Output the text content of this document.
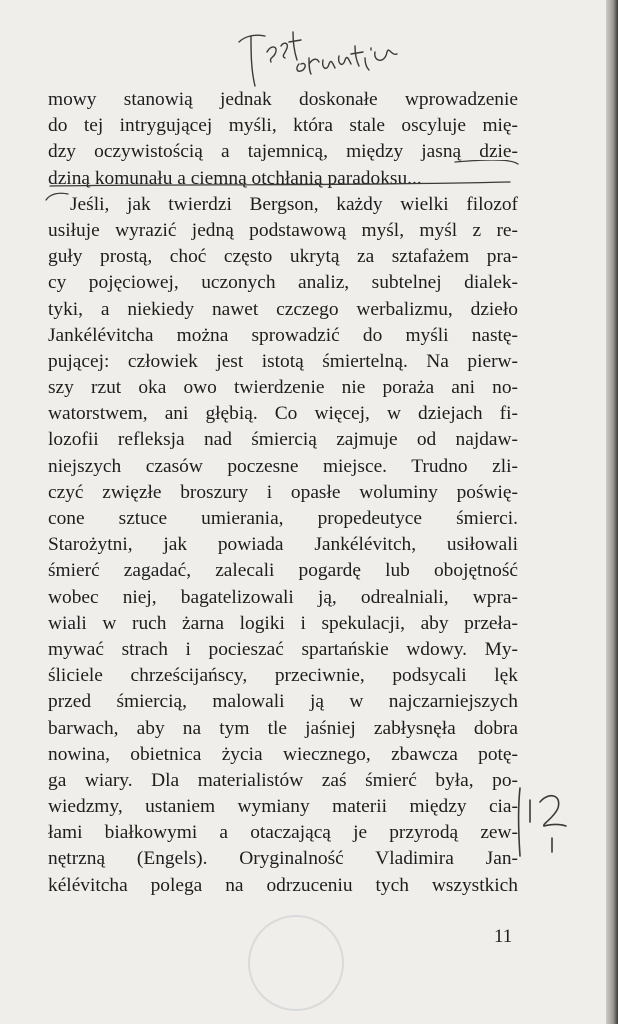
mowy stanowią jednak doskonałe wprowadzenie
do tej intrygującej myśli, która stale oscyluje mię-
dzy oczywistością a tajemnicą, między jasną dzie-
dziną komunału a ciemną otchłanią paradoksu...
Jeśli, jak twierdzi Bergson, każdy wielki filozof
usiłuje wyrazić jedną podstawową myśl, myśl z re-
guły prostą, choć często ukrytą za sztafażem pra-
cy pojęciowej, uczonych analiz, subtelnej dialek-
tyki, a niekiedy nawet czczego werbalizmu, dzieło
Jankélévitcha można sprowadzić do myśli nastę-
pującej: człowiek jest istotą śmiertelną. Na pierw-
szy rzut oka owo twierdzenie nie poraża ani no-
watorstwem, ani głębią. Co więcej, w dziejach fi-
lozofii refleksja nad śmiercią zajmuje od najdaw-
niejszych czasów poczesne miejsce. Trudno zli-
czyć zwięzłe broszury i opasłe woluminy poświę-
cone sztuce umierania, propedeutyce śmierci.
Starożytni, jak powiada Jankélévitch, usiłowali
śmierć zagadać, zalecali pogardę lub obojętność
wobec niej, bagatelizowali ją, odrealniali, wpra-
wiali w ruch żarna logiki i spekulacji, aby przeła-
mywać strach i pocieszać spartańskie wdowy. My-
śliciele chrześcijańscy, przeciwnie, podsycali lęk
przed śmiercią, malowali ją w najczarniejszych
barwach, aby na tym tle jaśniej zabłysnęła dobra
nowina, obietnica życia wiecznego, zbawcza potę-
ga wiary. Dla materialistów zaś śmierć była, po-
wiedzmy, ustaniem wymiany materii między cia-
łami białkowymi a otaczającą je przyrodą zew-
nętrzną (Engels). Oryginalność Vladimira Jan-
kélévitcha polega na odrzuceniu tych wszystkich
11
